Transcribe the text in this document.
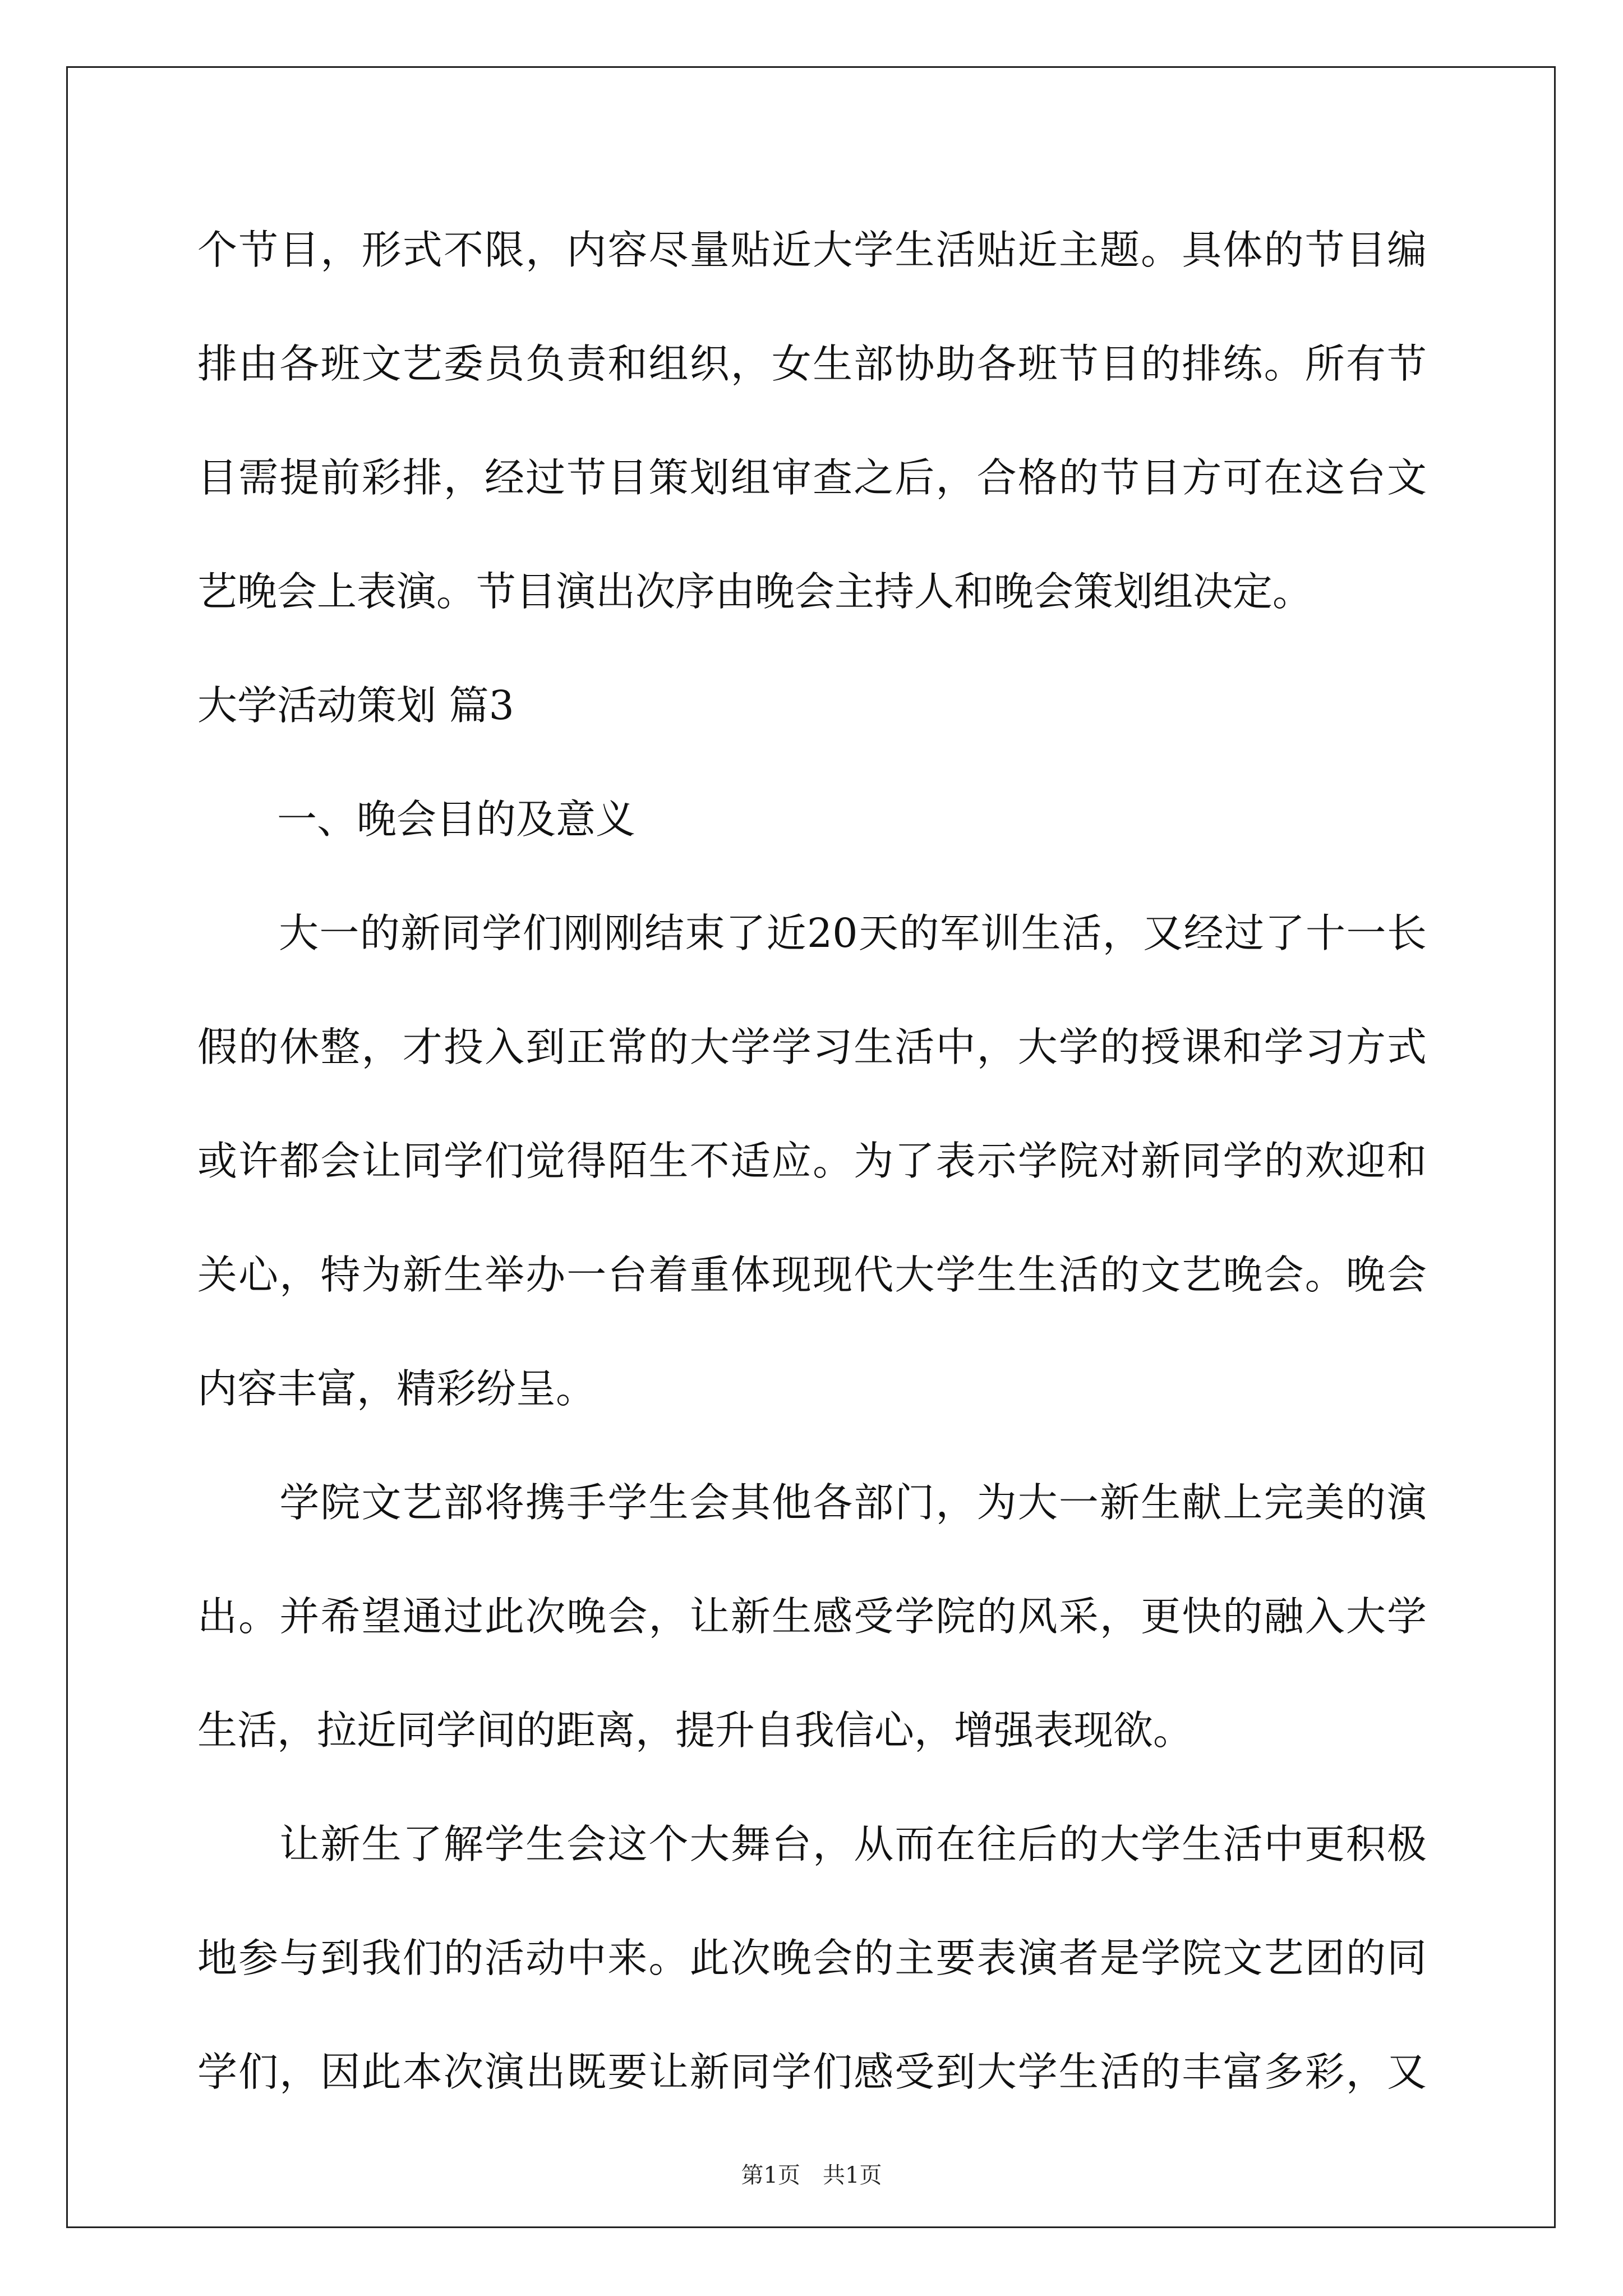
个节目，形式不限，内容尽量贴近大学生活贴近主题。具体的节目编
排由各班文艺委员负责和组织，女生部协助各班节目的排练。所有节
目需提前彩排，经过节目策划组审查之后，合格的节目方可在这台文
艺晚会上表演。节目演出次序由晚会主持人和晚会策划组决定。
大学活动策划 篇3
　　一、晚会目的及意义
　　大一的新同学们刚刚结束了近20天的军训生活，又经过了十一长
假的休整，才投入到正常的大学学习生活中，大学的授课和学习方式
或许都会让同学们觉得陌生不适应。为了表示学院对新同学的欢迎和
关心，特为新生举办一台着重体现现代大学生生活的文艺晚会。晚会
内容丰富，精彩纷呈。
　　学院文艺部将携手学生会其他各部门，为大一新生献上完美的演
出。并希望通过此次晚会，让新生感受学院的风采，更快的融入大学
生活，拉近同学间的距离，提升自我信心，增强表现欲。
　　让新生了解学生会这个大舞台，从而在往后的大学生活中更积极
地参与到我们的活动中来。此次晚会的主要表演者是学院文艺团的同
学们，因此本次演出既要让新同学们感受到大学生活的丰富多彩，又
第1页　共1页
